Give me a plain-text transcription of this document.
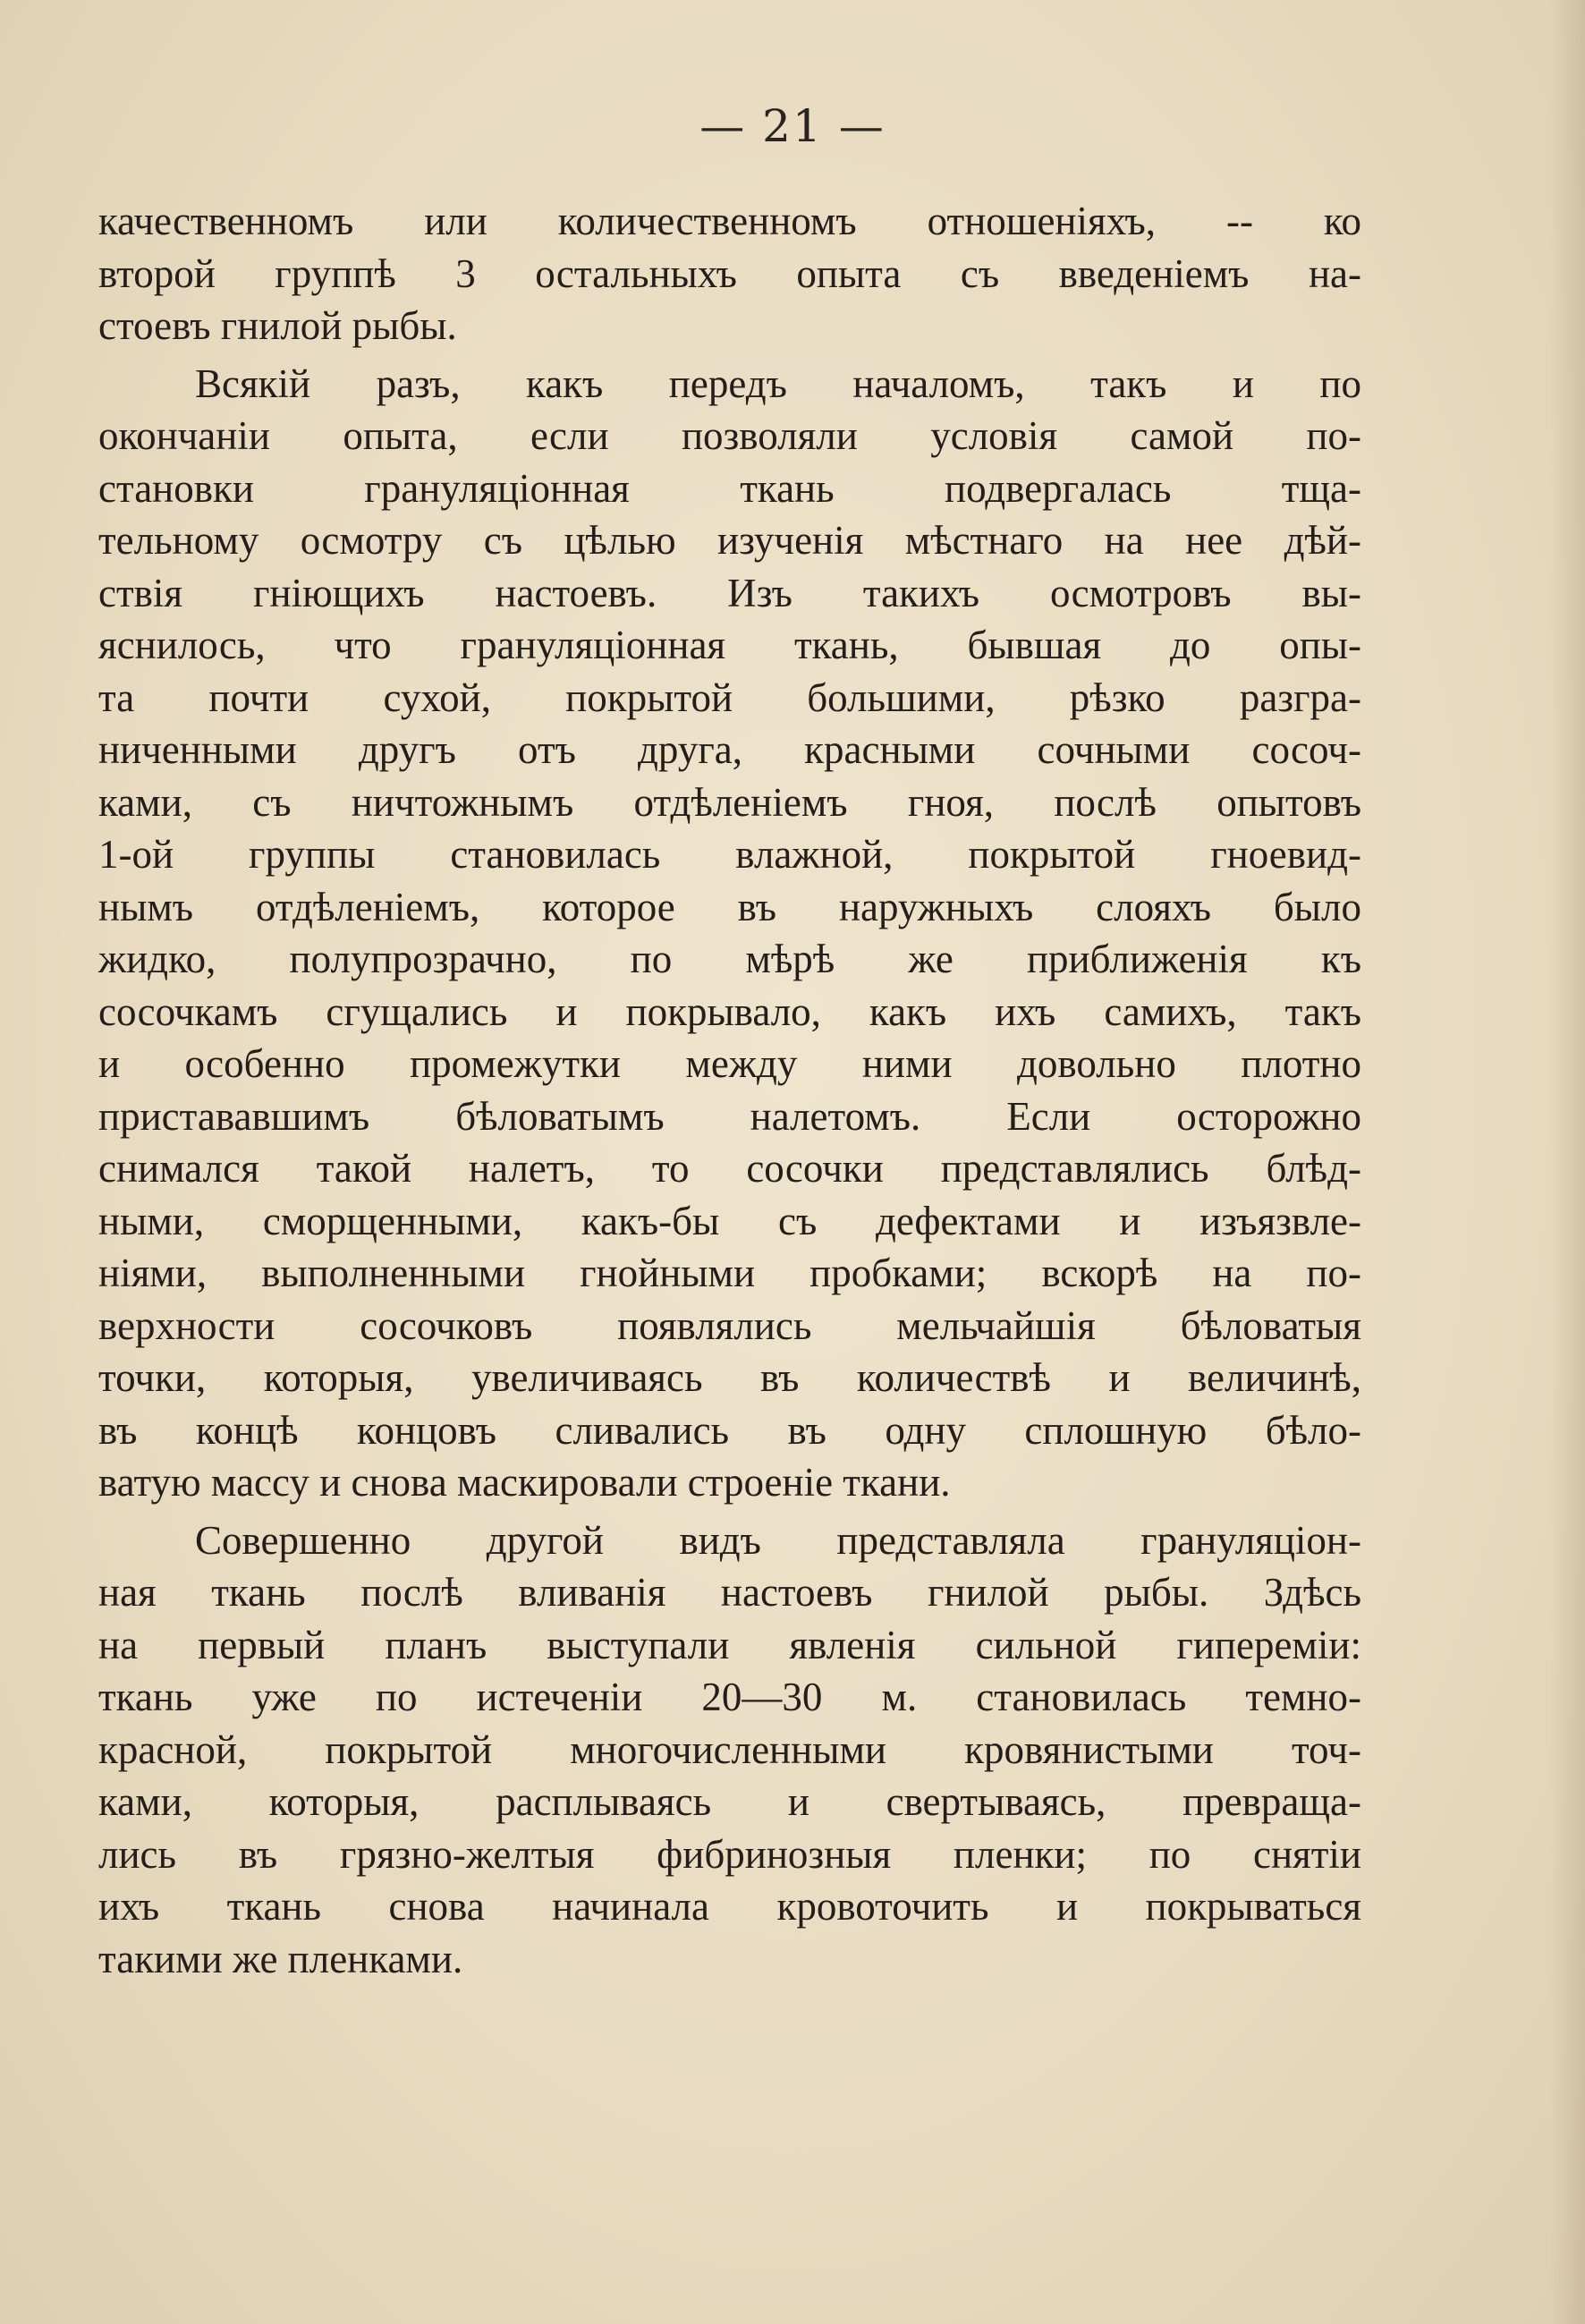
— 21 —
качественномъ или количественномъ отношеніяхъ, -- ко
второй группѣ 3 остальныхъ опыта съ введеніемъ на-
стоевъ гнилой рыбы.
Всякій разъ, какъ передъ началомъ, такъ и по
окончаніи опыта, если позволяли условія самой по-
становки грануляціонная ткань подвергалась тща-
тельному осмотру съ цѣлью изученія мѣстнаго на нее дѣй-
ствія гніющихъ настоевъ. Изъ такихъ осмотровъ вы-
яснилось, что грануляціонная ткань, бывшая до опы-
та почти сухой, покрытой большими, рѣзко разгра-
ниченными другъ отъ друга, красными сочными сосоч-
ками, съ ничтожнымъ отдѣленіемъ гноя, послѣ опытовъ
1-ой группы становилась влажной, покрытой гноевид-
нымъ отдѣленіемъ, которое въ наружныхъ слояхъ было
жидко, полупрозрачно, по мѣрѣ же приближенія къ
сосочкамъ сгущались и покрывало, какъ ихъ самихъ, такъ
и особенно промежутки между ними довольно плотно
пристававшимъ бѣловатымъ налетомъ. Если осторожно
снимался такой налетъ, то сосочки представлялись блѣд-
ными, сморщенными, какъ-бы съ дефектами и изъязвле-
ніями, выполненными гнойными пробками; вскорѣ на по-
верхности сосочковъ появлялись мельчайшія бѣловатыя
точки, которыя, увеличиваясь въ количествѣ и величинѣ,
въ концѣ концовъ сливались въ одну сплошную бѣло-
ватую массу и снова маскировали строеніе ткани.
Совершенно другой видъ представляла грануляціон-
ная ткань послѣ вливанія настоевъ гнилой рыбы. Здѣсь
на первый планъ выступали явленія сильной гипереміи:
ткань уже по истеченіи 20—30 м. становилась темно-
красной, покрытой многочисленными кровянистыми точ-
ками, которыя, расплываясь и свертываясь, превраща-
лись въ грязно-желтыя фибринозныя пленки; по снятіи
ихъ ткань снова начинала кровоточить и покрываться
такими же пленками.
